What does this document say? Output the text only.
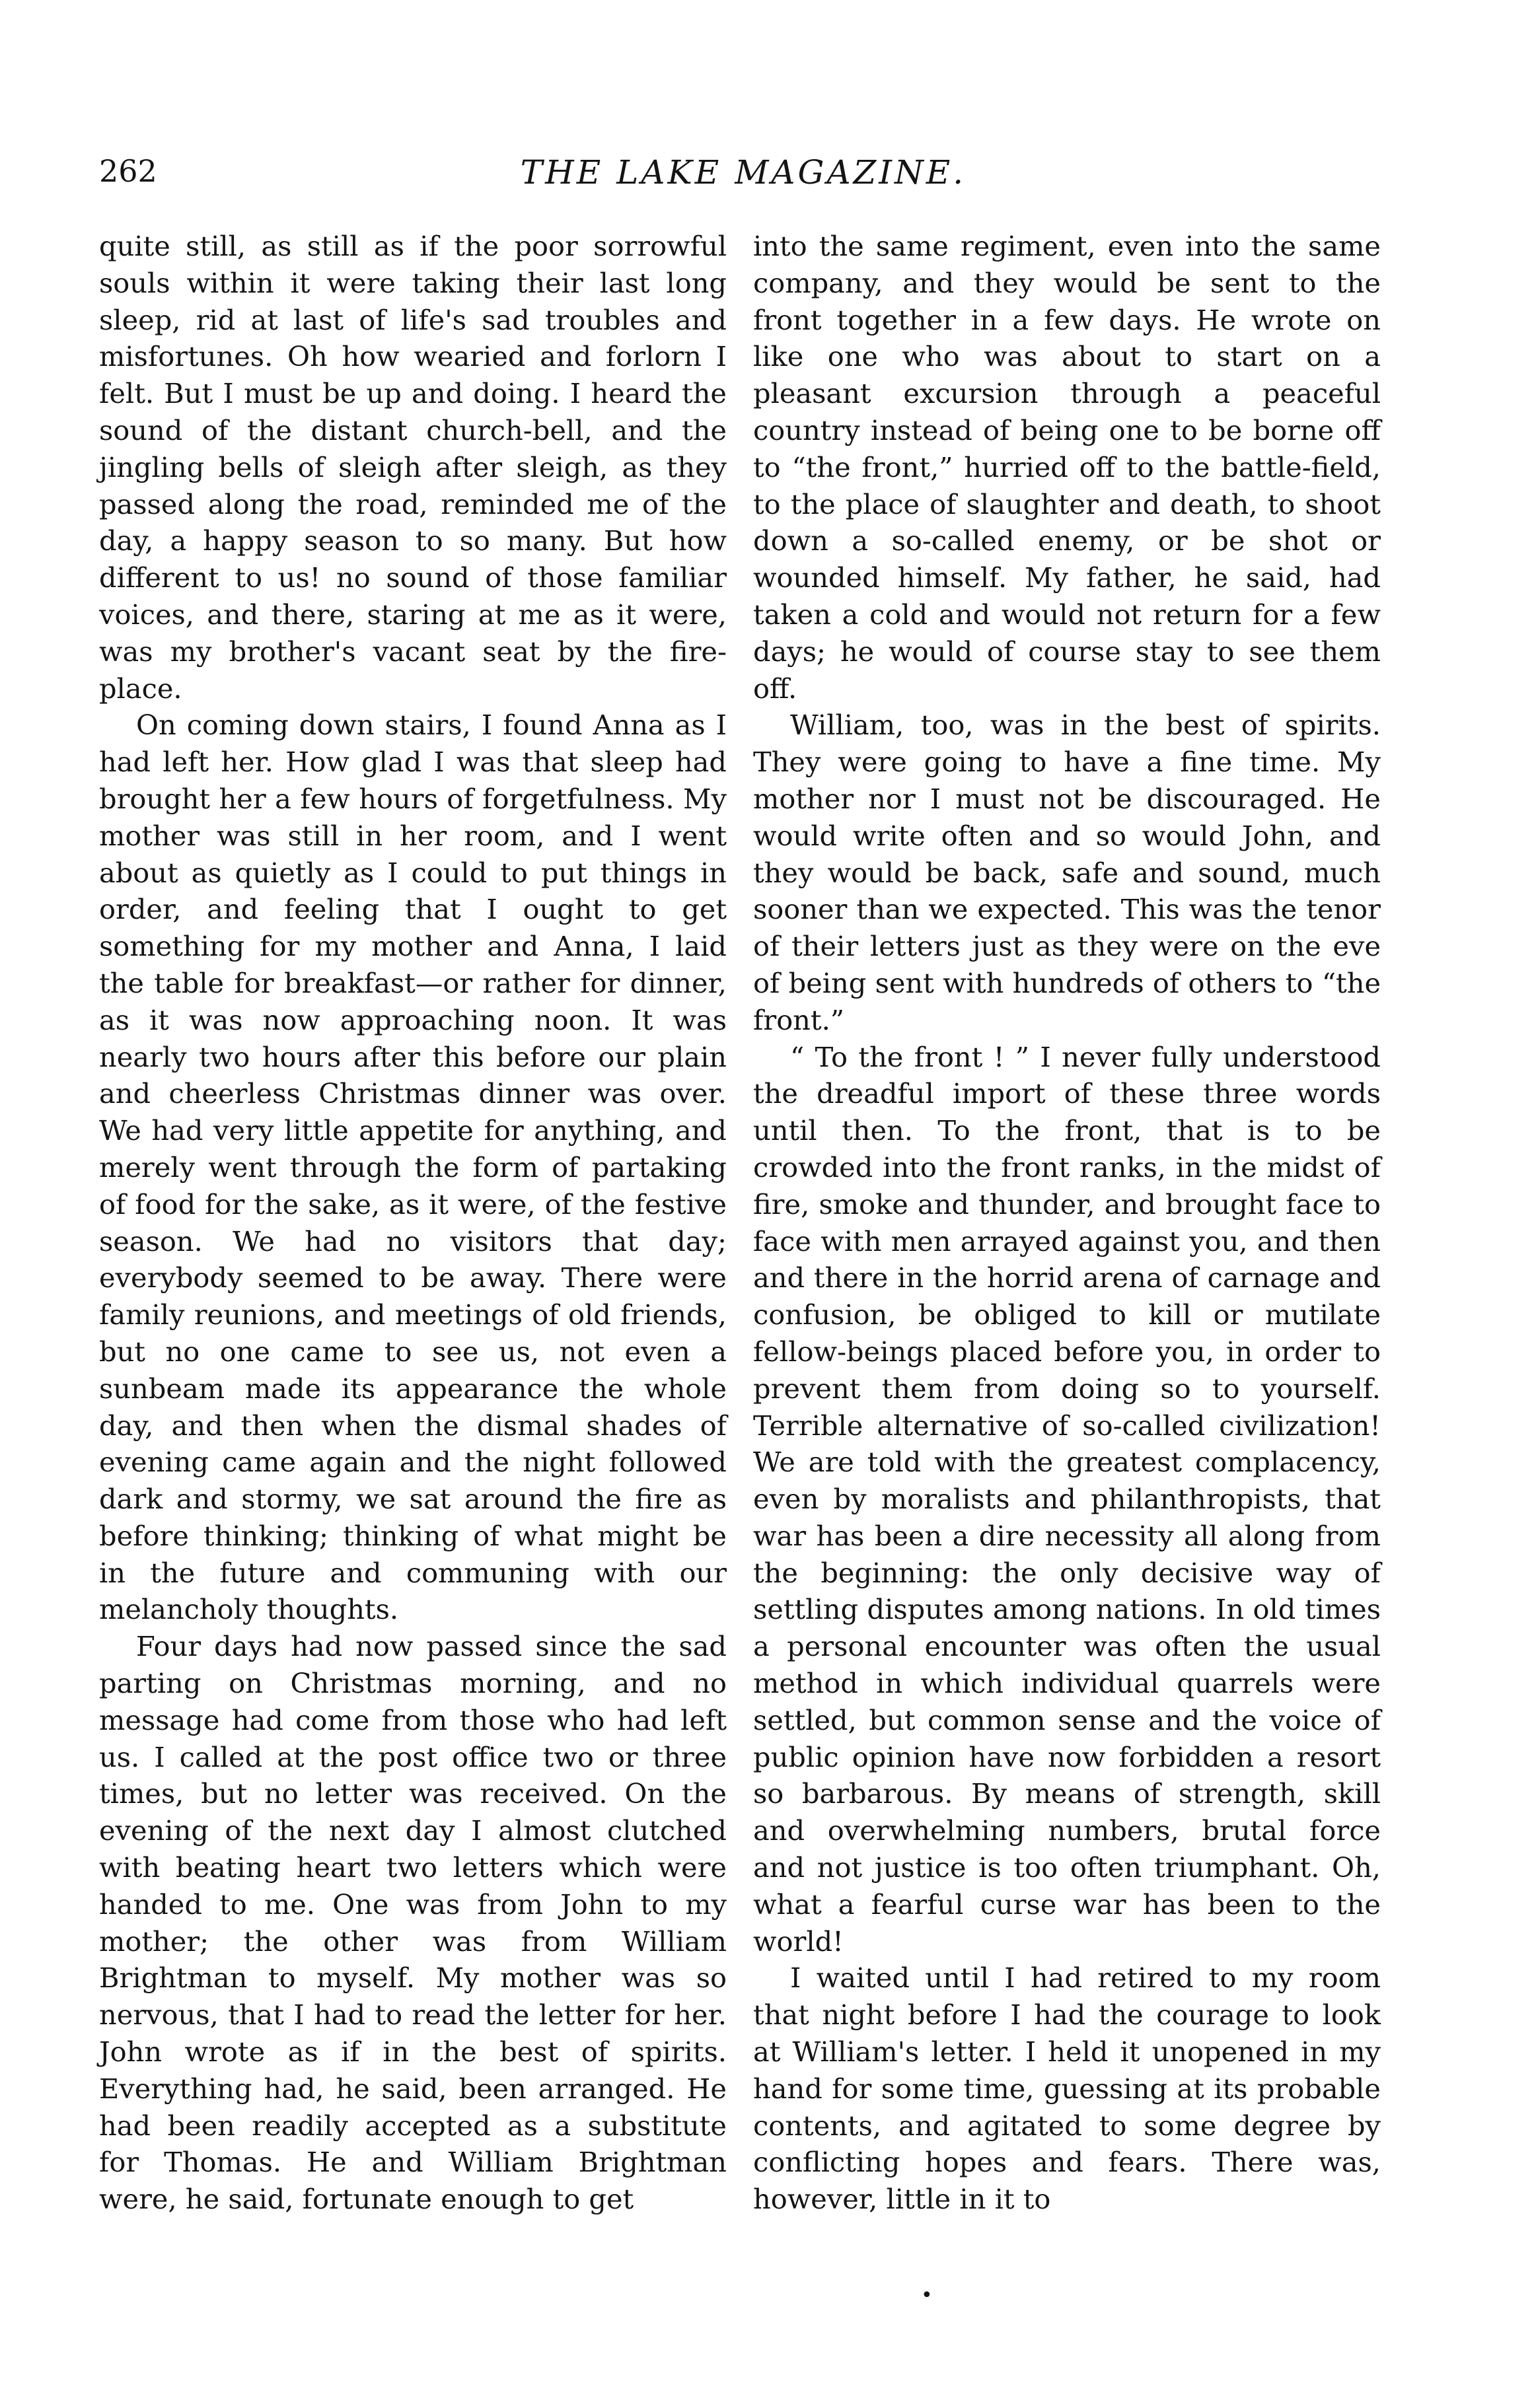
262	THE LAKE MAGAZINE.

quite still, as still as if the poor sorrowful souls within it were taking their last long sleep, rid at last of life's sad troubles and misfortunes. Oh how wearied and forlorn I felt. But I must be up and doing. I heard the sound of the distant church-bell, and the jingling bells of sleigh after sleigh, as they passed along the road, reminded me of the day, a happy season to so many. But how different to us! no sound of those familiar voices, and there, staring at me as it were, was my brother's vacant seat by the fire-place.

On coming down stairs, I found Anna as I had left her. How glad I was that sleep had brought her a few hours of forgetfulness. My mother was still in her room, and I went about as quietly as I could to put things in order, and feeling that I ought to get something for my mother and Anna, I laid the table for breakfast—or rather for dinner, as it was now approaching noon. It was nearly two hours after this before our plain and cheerless Christmas dinner was over. We had very little appetite for anything, and merely went through the form of partaking of food for the sake, as it were, of the festive season. We had no visitors that day; everybody seemed to be away. There were family reunions, and meetings of old friends, but no one came to see us, not even a sunbeam made its appearance the whole day, and then when the dismal shades of evening came again and the night followed dark and stormy, we sat around the fire as before thinking; thinking of what might be in the future and communing with our melancholy thoughts.

Four days had now passed since the sad parting on Christmas morning, and no message had come from those who had left us. I called at the post office two or three times, but no letter was received. On the evening of the next day I almost clutched with beating heart two letters which were handed to me. One was from John to my mother; the other was from William Brightman to myself. My mother was so nervous, that I had to read the letter for her. John wrote as if in the best of spirits. Everything had, he said, been arranged. He had been readily accepted as a substitute for Thomas. He and William Brightman were, he said, fortunate enough to get

into the same regiment, even into the same company, and they would be sent to the front together in a few days. He wrote on like one who was about to start on a pleasant excursion through a peaceful country instead of being one to be borne off to “the front,” hurried off to the battle-field, to the place of slaughter and death, to shoot down a so-called enemy, or be shot or wounded himself. My father, he said, had taken a cold and would not return for a few days; he would of course stay to see them off.

William, too, was in the best of spirits. They were going to have a fine time. My mother nor I must not be discouraged. He would write often and so would John, and they would be back, safe and sound, much sooner than we expected. This was the tenor of their letters just as they were on the eve of being sent with hundreds of others to “the front.”

“ To the front ! ” I never fully understood the dreadful import of these three words until then. To the front, that is to be crowded into the front ranks, in the midst of fire, smoke and thunder, and brought face to face with men arrayed against you, and then and there in the horrid arena of carnage and confusion, be obliged to kill or mutilate fellow-beings placed before you, in order to prevent them from doing so to yourself. Terrible alternative of so-called civilization! We are told with the greatest complacency, even by moralists and philanthropists, that war has been a dire necessity all along from the beginning: the only decisive way of settling disputes among nations. In old times a personal encounter was often the usual method in which individual quarrels were settled, but common sense and the voice of public opinion have now forbidden a resort so barbarous. By means of strength, skill and overwhelming numbers, brutal force and not justice is too often triumphant. Oh, what a fearful curse war has been to the world!

I waited until I had retired to my room that night before I had the courage to look at William's letter. I held it unopened in my hand for some time, guessing at its probable contents, and agitated to some degree by conflicting hopes and fears. There was, however, little in it to

•
